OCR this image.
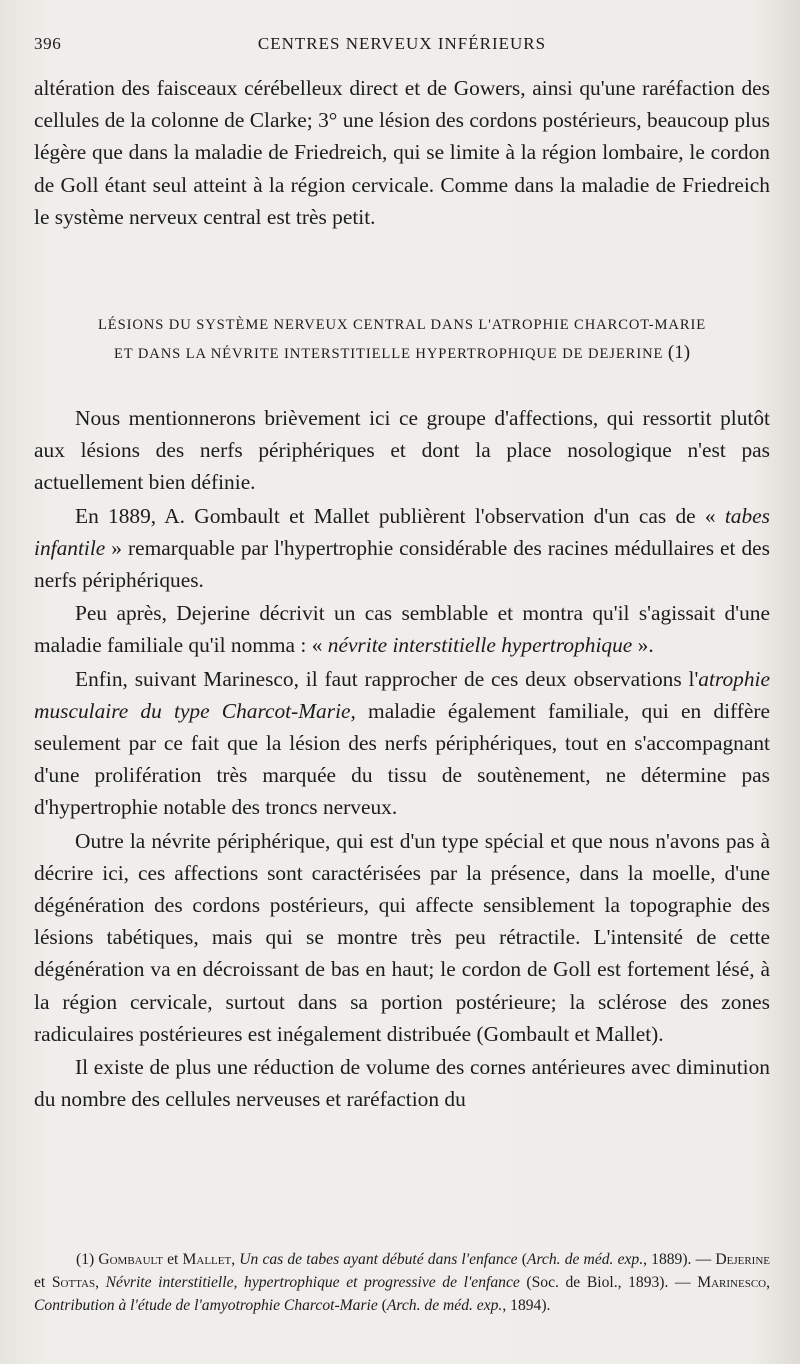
396	CENTRES NERVEUX INFÉRIEURS

altération des faisceaux cérébelleux direct et de Gowers, ainsi qu'une raréfaction des cellules de la colonne de Clarke; 3° une lésion des cordons postérieurs, beaucoup plus légère que dans la maladie de Friedreich, qui se limite à la région lombaire, le cordon de Goll étant seul atteint à la région cervicale. Comme dans la maladie de Friedreich le système nerveux central est très petit.

LÉSIONS DU SYSTÈME NERVEUX CENTRAL DANS L'ATROPHIE CHARCOT-MARIE
ET DANS LA NÉVRITE INTERSTITIELLE HYPERTROPHIQUE DE DEJERINE (1)

Nous mentionnerons brièvement ici ce groupe d'affections, qui ressortit plutôt aux lésions des nerfs périphériques et dont la place nosologique n'est pas actuellement bien définie.

En 1889, A. Gombault et Mallet publièrent l'observation d'un cas de « tabes infantile » remarquable par l'hypertrophie considérable des racines médullaires et des nerfs périphériques.

Peu après, Dejerine décrivit un cas semblable et montra qu'il s'agissait d'une maladie familiale qu'il nomma : « névrite interstitielle hypertrophique ».

Enfin, suivant Marinesco, il faut rapprocher de ces deux observations l'atrophie musculaire du type Charcot-Marie, maladie également familiale, qui en diffère seulement par ce fait que la lésion des nerfs périphériques, tout en s'accompagnant d'une prolifération très marquée du tissu de soutènement, ne détermine pas d'hypertrophie notable des troncs nerveux.

Outre la névrite périphérique, qui est d'un type spécial et que nous n'avons pas à décrire ici, ces affections sont caractérisées par la présence, dans la moelle, d'une dégénération des cordons postérieurs, qui affecte sensiblement la topographie des lésions tabétiques, mais qui se montre très peu rétractile. L'intensité de cette dégénération va en décroissant de bas en haut; le cordon de Goll est fortement lésé, à la région cervicale, surtout dans sa portion postérieure; la sclérose des zones radiculaires postérieures est inégalement distribuée (Gombault et Mallet).

Il existe de plus une réduction de volume des cornes antérieures avec diminution du nombre des cellules nerveuses et raréfaction du

(1) Gombault et Mallet, Un cas de tabes ayant débuté dans l'enfance (Arch. de méd. exp., 1889). — Dejerine et Sottas, Névrite interstitielle, hypertrophique et progressive de l'enfance (Soc. de Biol., 1893). — Marinesco, Contribution à l'étude de l'amyotrophie Charcot-Marie (Arch. de méd. exp., 1894).
